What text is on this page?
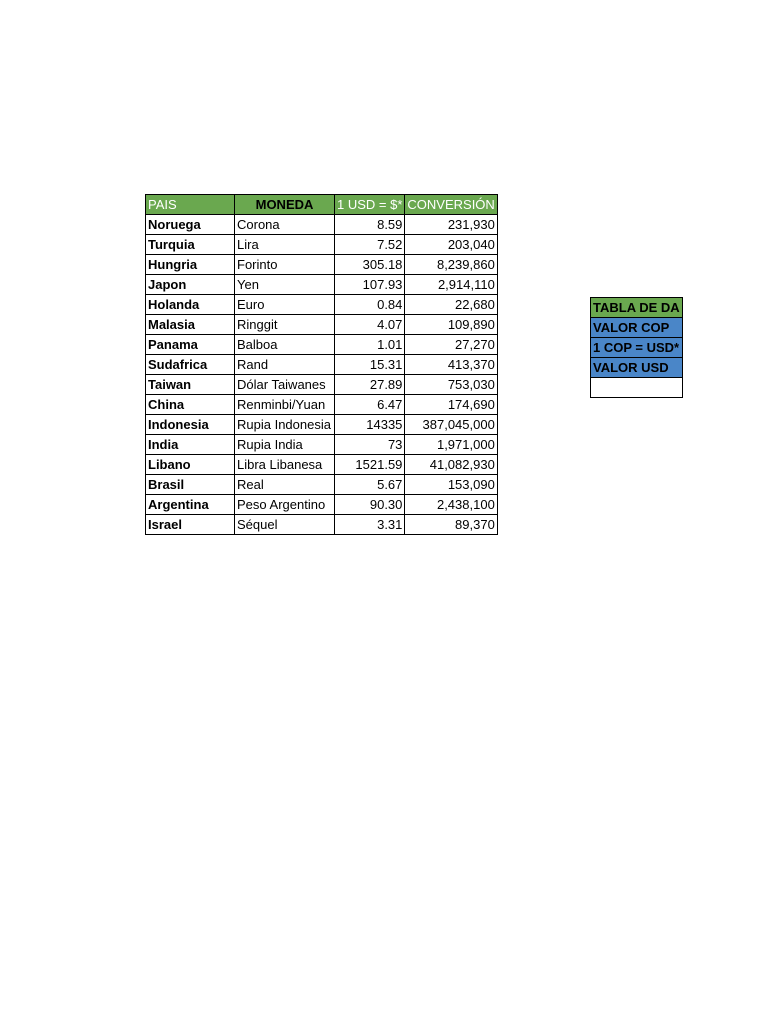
PAIS	MONEDA	1 USD = $*	CONVERSIÓN
Noruega	Corona	8.59	231,930
Turquia	Lira	7.52	203,040
Hungria	Forinto	305.18	8,239,860
Japon	Yen	107.93	2,914,110
Holanda	Euro	0.84	22,680
Malasia	Ringgit	4.07	109,890
Panama	Balboa	1.01	27,270
Sudafrica	Rand	15.31	413,370
Taiwan	Dólar Taiwanes	27.89	753,030
China	Renminbi/Yuan	6.47	174,690
Indonesia	Rupia Indonesia	14335	387,045,000
India	Rupia India	73	1,971,000
Libano	Libra Libanesa	1521.59	41,082,930
Brasil	Real	5.67	153,090
Argentina	Peso Argentino	90.30	2,438,100
Israel	Séquel	3.31	89,370
TABLA DE DA
VALOR COP
1 COP = USD*
VALOR USD
